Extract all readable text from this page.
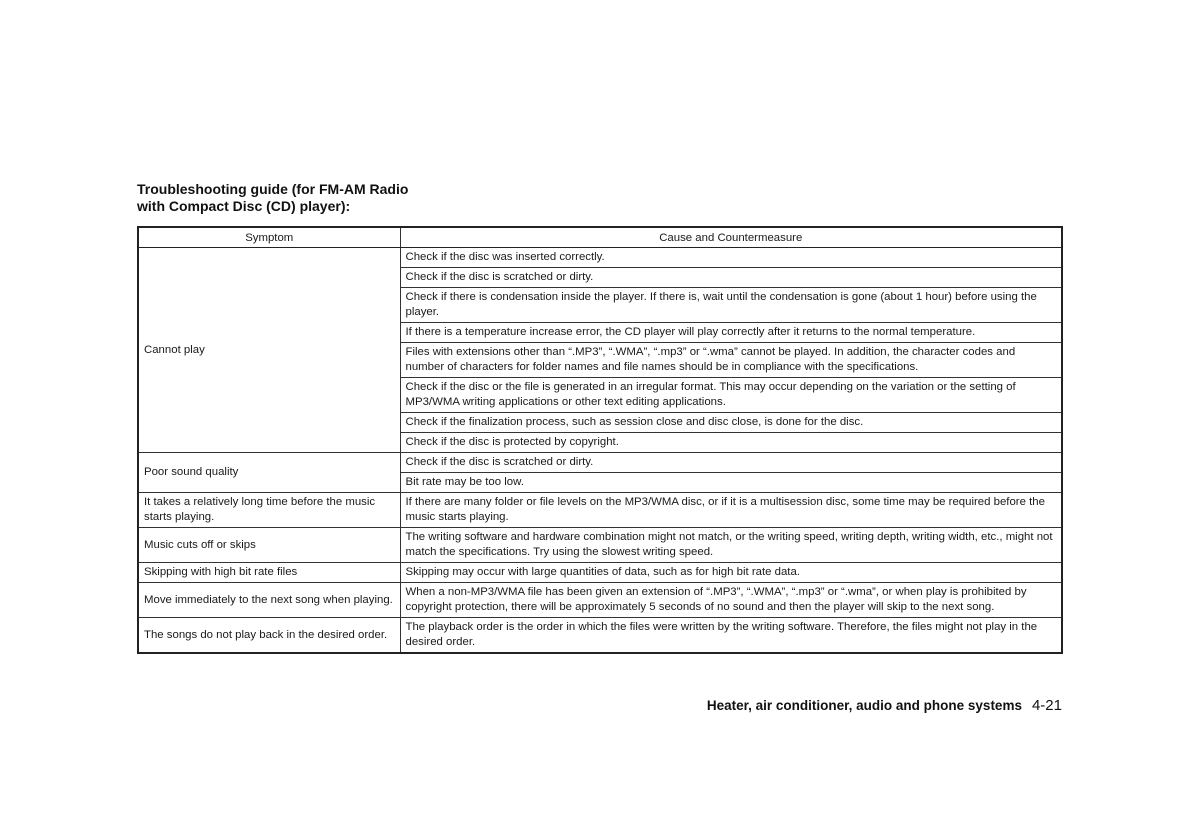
Troubleshooting guide (for FM-AM Radio
with Compact Disc (CD) player):
Symptom	Cause and Countermeasure
Cannot play	Check if the disc was inserted correctly.
	Check if the disc is scratched or dirty.
	Check if there is condensation inside the player. If there is, wait until the condensation is gone (about 1 hour) before using the player.
	If there is a temperature increase error, the CD player will play correctly after it returns to the normal temperature.
	Files with extensions other than “.MP3”, “.WMA”, “.mp3” or “.wma” cannot be played. In addition, the character codes and number of characters for folder names and file names should be in compliance with the specifications.
	Check if the disc or the file is generated in an irregular format. This may occur depending on the variation or the setting of MP3/WMA writing applications or other text editing applications.
	Check if the finalization process, such as session close and disc close, is done for the disc.
	Check if the disc is protected by copyright.
Poor sound quality	Check if the disc is scratched or dirty.
	Bit rate may be too low.
It takes a relatively long time before the music starts playing.	If there are many folder or file levels on the MP3/WMA disc, or if it is a multisession disc, some time may be required before the music starts playing.
Music cuts off or skips	The writing software and hardware combination might not match, or the writing speed, writing depth, writing width, etc., might not match the specifications. Try using the slowest writing speed.
Skipping with high bit rate files	Skipping may occur with large quantities of data, such as for high bit rate data.
Move immediately to the next song when playing.	When a non-MP3/WMA file has been given an extension of “.MP3”, “.WMA”, “.mp3” or “.wma”, or when play is prohibited by copyright protection, there will be approximately 5 seconds of no sound and then the player will skip to the next song.
The songs do not play back in the desired order.	The playback order is the order in which the files were written by the writing software. Therefore, the files might not play in the desired order.
Heater, air conditioner, audio and phone systems 4-21
